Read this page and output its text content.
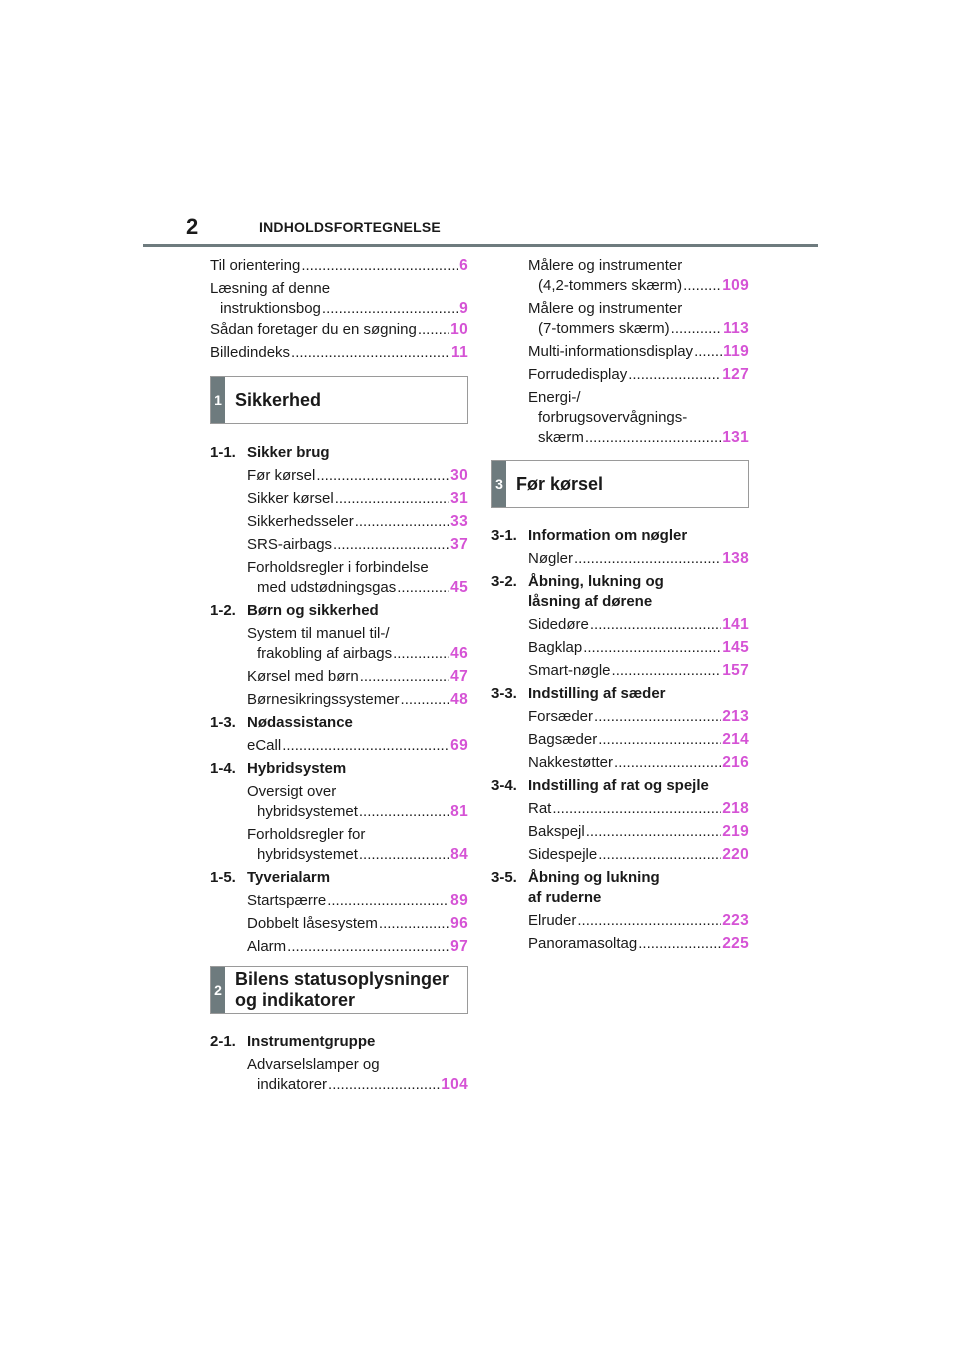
2	INDHOLDSFORTEGNELSE
Til orientering .....	6
Læsning af denne
instruktionsbog .....	9
Sådan foretager du en søgning ..... 10
Billedindeks .....	11
1 Sikkerhed
1-1. Sikker brug
Før kørsel .....	30
Sikker kørsel .....	31
Sikkerhedsseler .....	33
SRS-airbags .....	37
Forholdsregler i forbindelse
med udstødningsgas .....	45
1-2. Børn og sikkerhed
System til manuel til-/
frakobling af airbags .....	46
Kørsel med børn .....	47
Børnesikringssystemer .....	48
1-3. Nødassistance
eCall .....	69
1-4. Hybridsystem
Oversigt over
hybridsystemet .....	81
Forholdsregler for
hybridsystemet .....	84
1-5. Tyverialarm
Startspærre .....	89
Dobbelt låsesystem .....	96
Alarm .....	97
2
Bilens statusoplysninger
og indikatorer
2-1. Instrumentgruppe
Advarselslamper og
indikatorer .....	104
Målere og instrumenter
(4,2-tommers skærm) .....	109
Målere og instrumenter
(7-tommers skærm) .....	113
Multi-informationsdisplay ..... 119
Forrudedisplay .....	127
Energi-/
forbrugsovervågnings-
skærm .....	131
3 Før kørsel
3-1. Information om nøgler
Nøgler .....	138
3-2. Åbning, lukning og
låsning af dørene
Sidedøre .....	141
Bagklap .....	145
Smart-nøgle .....	157
3-3. Indstilling af sæder
Forsæder .....	213
Bagsæder .....	214
Nakkestøtter .....	216
3-4. Indstilling af rat og spejle
Rat .....	218
Bakspejl .....	219
Sidespejle .....	220
3-5. Åbning og lukning
af ruderne
Elruder .....	223
Panoramasoltag .....	225
